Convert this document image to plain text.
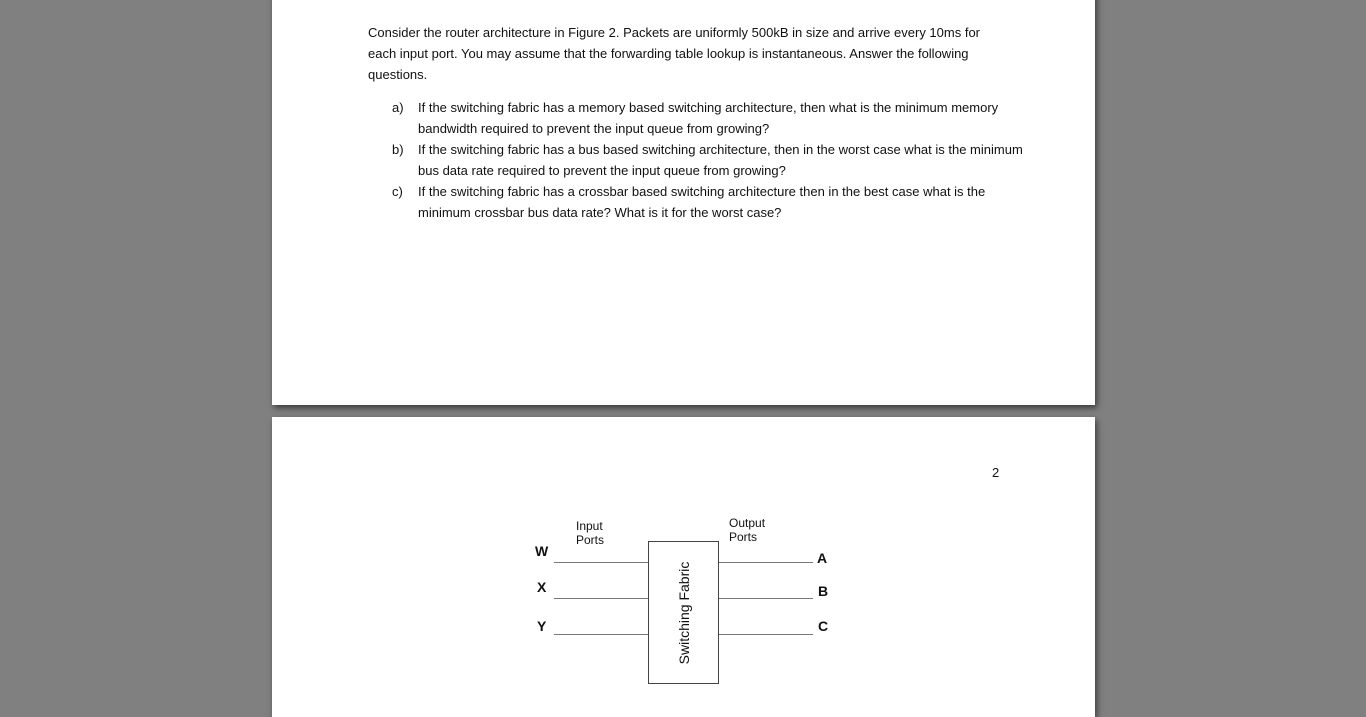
Consider the router architecture in Figure 2. Packets are uniformly 500kB in size and arrive every 10ms for each input port. You may assume that the forwarding table lookup is instantaneous. Answer the following questions.
a) If the switching fabric has a memory based switching architecture, then what is the minimum memory bandwidth required to prevent the input queue from growing?
b) If the switching fabric has a bus based switching architecture, then in the worst case what is the minimum bus data rate required to prevent the input queue from growing?
c) If the switching fabric has a crossbar based switching architecture then in the best case what is the minimum crossbar bus data rate? What is it for the worst case?
2
Input Ports
Output Ports
W
X
Y	Switching Fabric
A
B
C
